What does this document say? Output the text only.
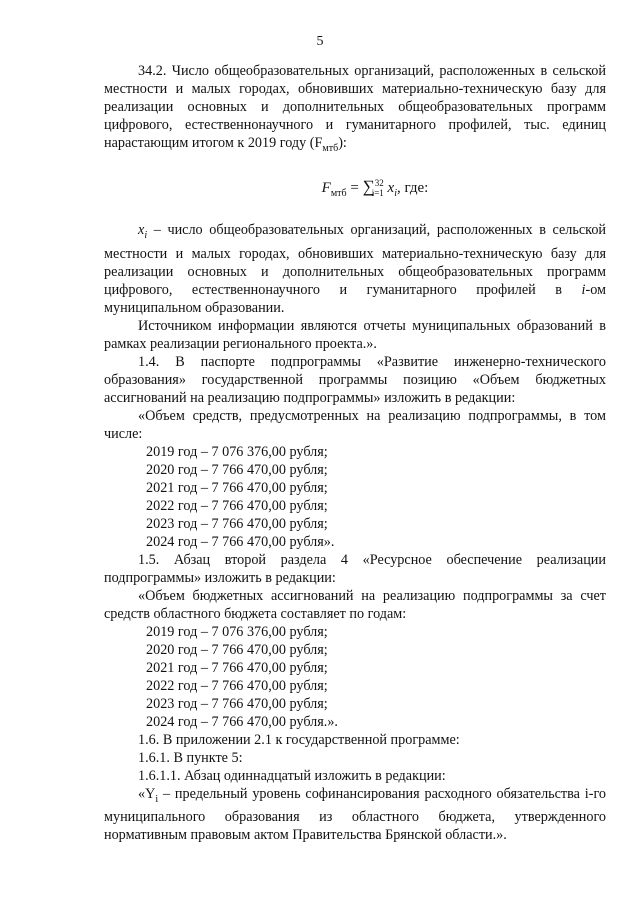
5

34.2. Число общеобразовательных организаций, расположенных в сельской местности и малых городах, обновивших материально-техническую базу для реализации основных и дополнительных общеобразовательных программ цифрового, естественнонаучного и гуманитарного профилей, тыс. единиц нарастающим итогом к 2019 году $(F_{мтб})$:

$F_{мтб} = \sum^{32}_{i=1}$ $x_i$, где:

$x_i$ – число общеобразовательных организаций, расположенных в сельской местности и малых городах, обновивших материально-техническую базу для реализации основных и дополнительных общеобразовательных программ цифрового, естественнонаучного и гуманитарного профилей в i-ом муниципальном образовании.

Источником информации являются отчеты муниципальных образований в рамках реализации регионального проекта.».

1.4. В паспорте подпрограммы «Развитие инженерно-технического образования» государственной программы позицию «Объем бюджетных ассигнований на реализацию подпрограммы» изложить в редакции:

«Объем средств, предусмотренных на реализацию подпрограммы, в том числе:

2019 год – 7 076 376,00 рубля;

2020 год – 7 766 470,00 рубля;

2021 год – 7 766 470,00 рубля;

2022 год – 7 766 470,00 рубля;

2023 год – 7 766 470,00 рубля;

2024 год – 7 766 470,00 рубля».

1.5. Абзац второй раздела 4 «Ресурсное обеспечение реализации подпрограммы» изложить в редакции:

«Объем бюджетных ассигнований на реализацию подпрограммы за счет средств областного бюджета составляет по годам:

2019 год – 7 076 376,00 рубля;

2020 год – 7 766 470,00 рубля;

2021 год – 7 766 470,00 рубля;

2022 год – 7 766 470,00 рубля;

2023 год – 7 766 470,00 рубля;

2024 год – 7 766 470,00 рубля.».

1.6. В приложении 2.1 к государственной программе:

1.6.1. В пункте 5:

1.6.1.1. Абзац одиннадцатый изложить в редакции:

«$Y_i$ – предельный уровень софинансирования расходного обязательства i-го муниципального образования из областного бюджета, утвержденного нормативным правовым актом Правительства Брянской области.».
